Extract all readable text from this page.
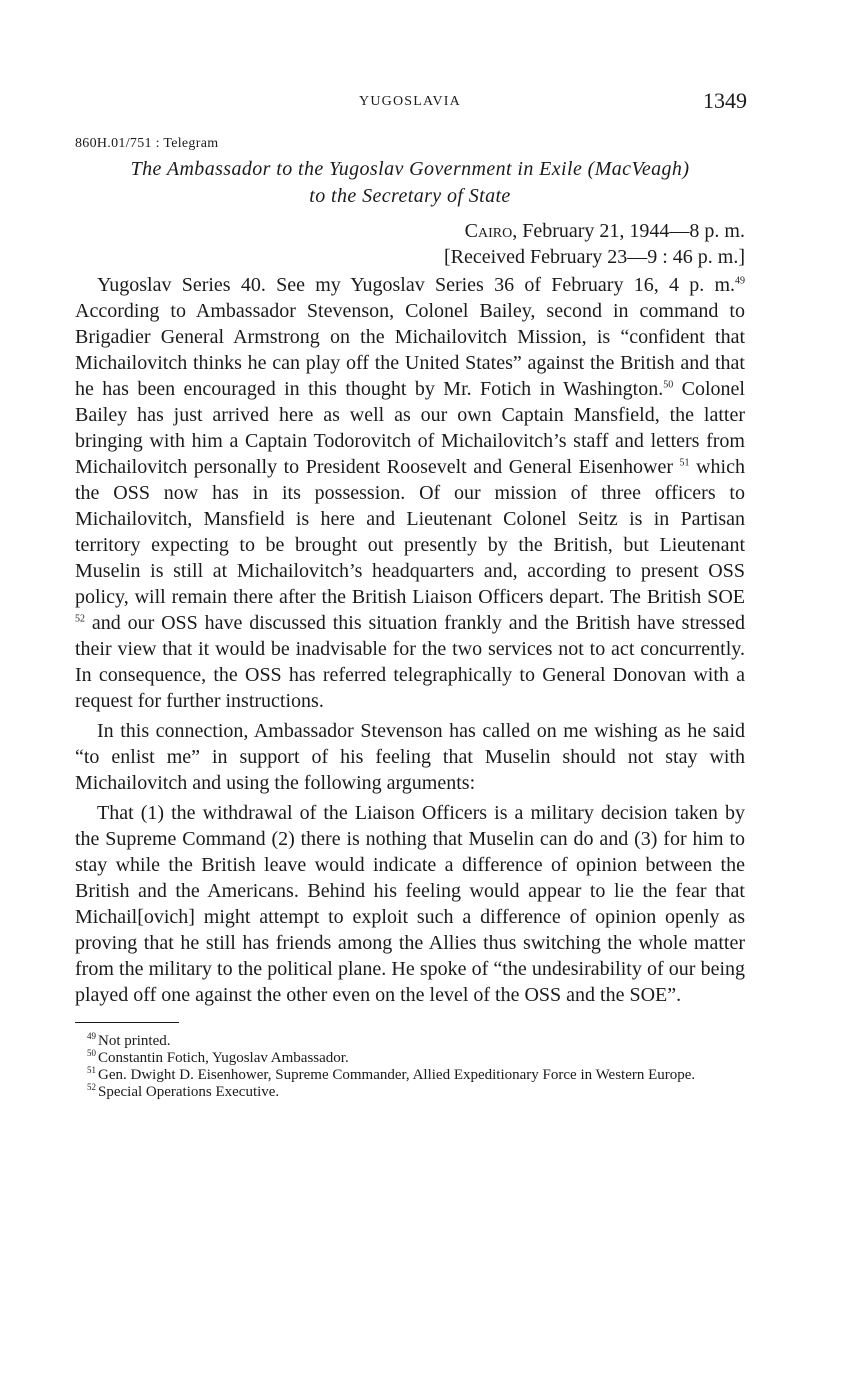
YUGOSLAVIA	1349
860H.01/751 : Telegram
The Ambassador to the Yugoslav Government in Exile (MacVeagh)
to the Secretary of State
Cairo, February 21, 1944—8 p. m.
[Received February 23—9 : 46 p. m.]

Yugoslav Series 40. See my Yugoslav Series 36 of February 16, 4 p. m.$^{49}$ According to Ambassador Stevenson, Colonel Bailey, second in command to Brigadier General Armstrong on the Michailovitch Mission, is “confident that Michailovitch thinks he can play off the United States” against the British and that he has been encouraged in this thought by Mr. Fotich in Washington.$^{50}$ Colonel Bailey has just arrived here as well as our own Captain Mansfield, the latter bringing with him a Captain Todorovitch of Michailovitch’s staff and letters from Michailovitch personally to President Roosevelt and General Eisenhower $^{51}$ which the OSS now has in its possession. Of our mission of three officers to Michailovitch, Mansfield is here and Lieutenant Colonel Seitz is in Partisan territory expecting to be brought out presently by the British, but Lieutenant Muselin is still at Michailovitch’s headquarters and, according to present OSS policy, will remain there after the British Liaison Officers depart. The British SOE $^{52}$ and our OSS have discussed this situation frankly and the British have stressed their view that it would be inadvisable for the two services not to act concurrently. In consequence, the OSS has referred telegraphically to General Donovan with a request for further instructions.

In this connection, Ambassador Stevenson has called on me wishing as he said “to enlist me” in support of his feeling that Muselin should not stay with Michailovitch and using the following arguments:

That (1) the withdrawal of the Liaison Officers is a military decision taken by the Supreme Command (2) there is nothing that Muselin can do and (3) for him to stay while the British leave would indicate a difference of opinion between the British and the Americans. Behind his feeling would appear to lie the fear that Michail[ovich] might attempt to exploit such a difference of opinion openly as proving that he still has friends among the Allies thus switching the whole matter from the military to the political plane. He spoke of “the undesirability of our being played off one against the other even on the level of the OSS and the SOE”.

$^{49}$ Not printed.

$^{50}$ Constantin Fotich, Yugoslav Ambassador.

$^{51}$ Gen. Dwight D. Eisenhower, Supreme Commander, Allied Expeditionary Force in Western Europe.

$^{52}$ Special Operations Executive.
